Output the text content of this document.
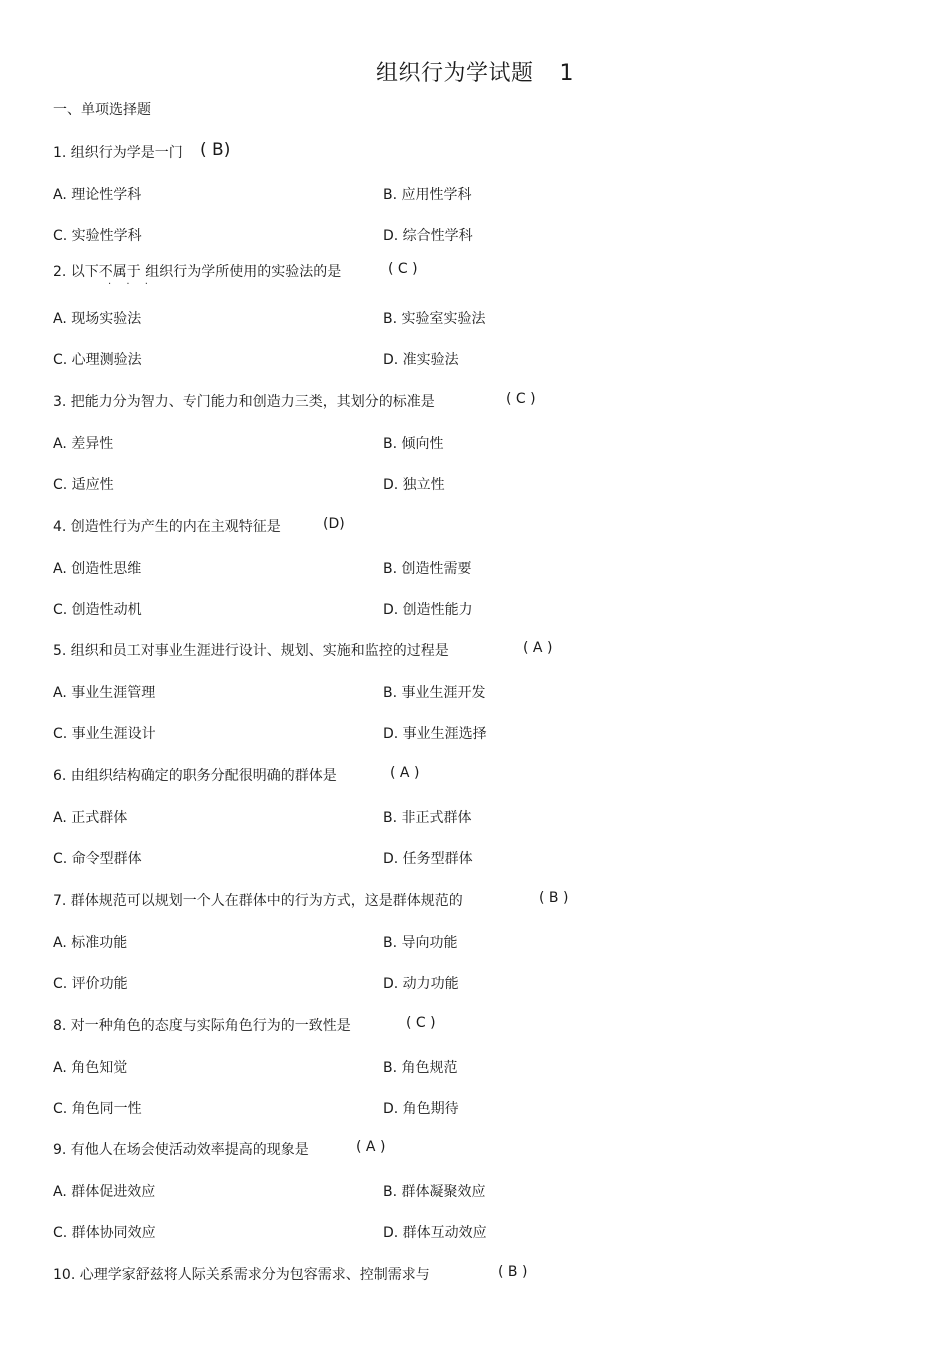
组织行为学试题 1
一、单项选择题
1. 组织行为学是一门 ( B)
A. 理论性学科	B. 应用性学科
C. 实验性学科	D. 综合性学科
2. 以下不属于 组织行为学所使用的实验法的是	( C )
A. 现场实验法	B. 实验室实验法
C. 心理测验法	D. 准实验法
· · ·
3. 把能力分为智力、专门能力和创造力三类，其划分的标准是	( C )
A. 差异性	B. 倾向性
C. 适应性	D. 独立性
4. 创造性行为产生的内在主观特征是	(D)
A. 创造性思维	B. 创造性需要
C. 创造性动机	D. 创造性能力
5. 组织和员工对事业生涯进行设计、规划、实施和监控的过程是	( A )
A. 事业生涯管理	B. 事业生涯开发
C. 事业生涯设计	D. 事业生涯选择
6. 由组织结构确定的职务分配很明确的群体是	( A )
A. 正式群体	B. 非正式群体
C. 命令型群体	D. 任务型群体
7. 群体规范可以规划一个人在群体中的行为方式，这是群体规范的	( B )
A. 标准功能	B. 导向功能
C. 评价功能	D. 动力功能
8. 对一种角色的态度与实际角色行为的一致性是	( C )
A. 角色知觉	B. 角色规范
C. 角色同一性	D. 角色期待
9. 有他人在场会使活动效率提高的现象是	( A )
A. 群体促进效应	B. 群体凝聚效应
C. 群体协同效应	D. 群体互动效应
10. 心理学家舒兹将人际关系需求分为包容需求、控制需求与	( B )
